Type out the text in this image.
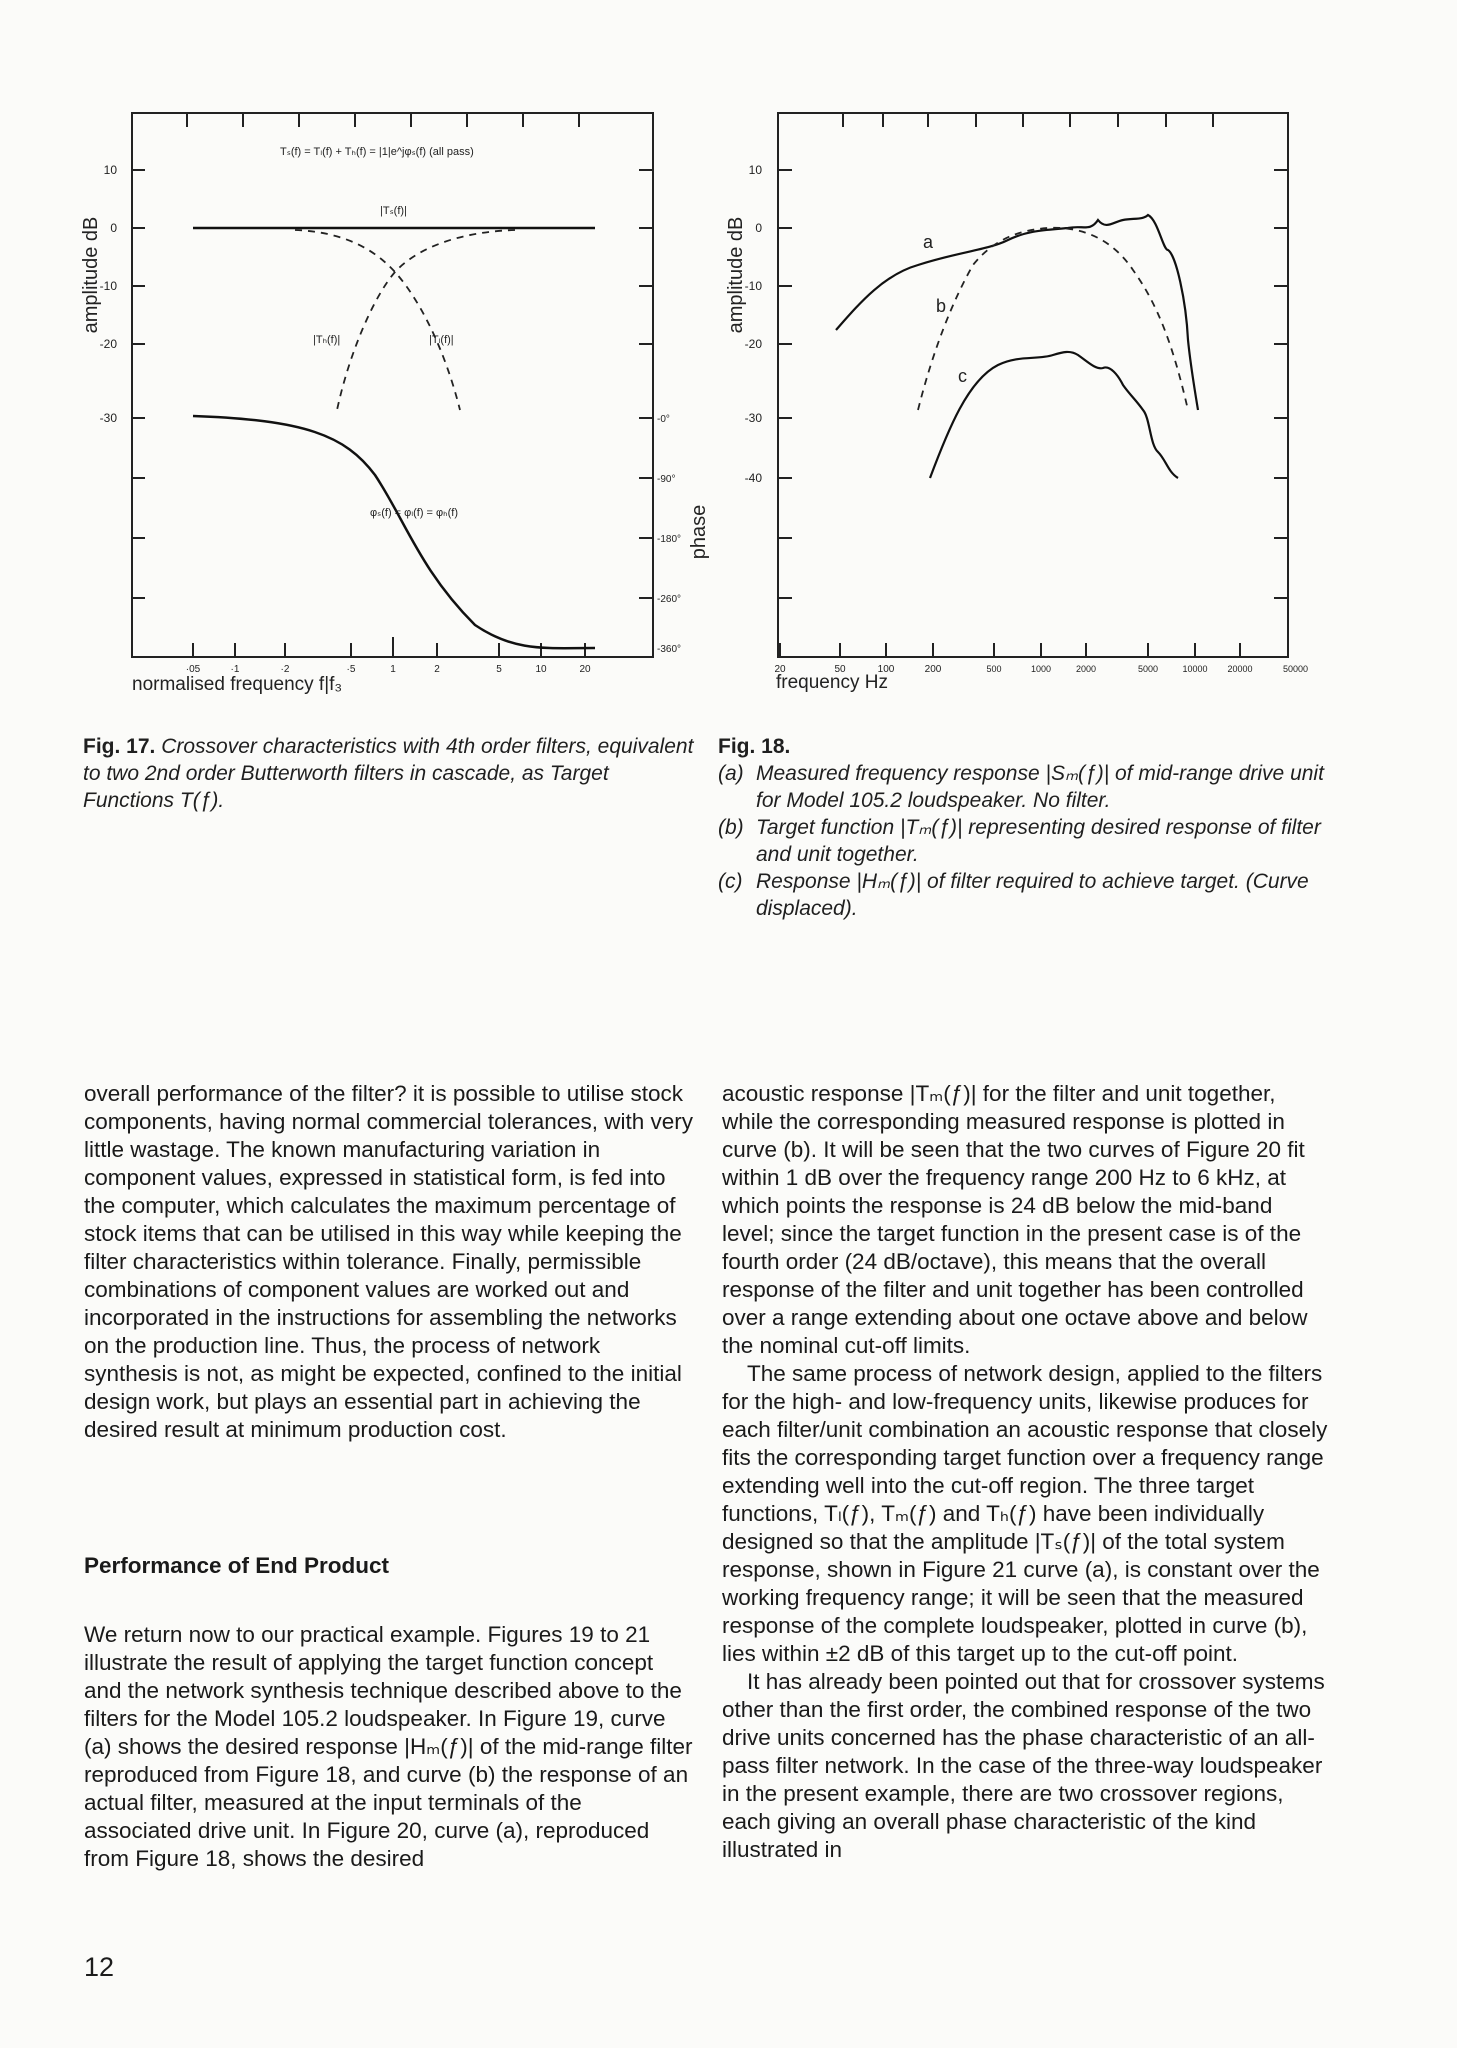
amplitude dB
phase
10
0
-10
-20
-30	-0°
-90°
-180°
-260°
-360°
·05	·1	·2	·5	1	2	5	10	20
normalised frequency f|f₃
Tₛ(f) = Tₗ(f) + Tₕ(f) = |1|e^jφₛ(f) (all pass)
|Tₛ(f)|
|Tₕ(f)|	|Tₗ(f)|
φₛ(f) = φₗ(f) = φₕ(f)
amplitude dB
10
0
-10
-20
-30
-40
20	50	100	200	500	1000	2000	5000	10000 20000	50000
frequency Hz
a
b
c

Fig. 17. Crossover characteristics with 4th order filters, equivalent to two 2nd order Butterworth filters in cascade, as Target Functions T(ƒ).

Fig. 18.

(a) Measured frequency response |Sₘ(ƒ)| of mid-range drive unit for Model 105.2 loudspeaker. No filter.
(b) Target function |Tₘ(ƒ)| representing desired response of filter and unit together.
(c) Response |Hₘ(ƒ)| of filter required to achieve target. (Curve displaced).

overall performance of the filter? it is possible to utilise stock components, having normal commercial tolerances, with very little wastage. The known manufacturing variation in component values, expressed in statistical form, is fed into the computer, which calculates the maximum percentage of stock items that can be utilised in this way while keeping the filter characteristics within tolerance. Finally, permissible combinations of component values are worked out and incorporated in the instructions for assembling the networks on the production line. Thus, the process of network synthesis is not, as might be expected, confined to the initial design work, but plays an essential part in achieving the desired result at minimum production cost.

Performance of End Product

We return now to our practical example. Figures 19 to 21 illustrate the result of applying the target function concept and the network synthesis technique described above to the filters for the Model 105.2 loudspeaker. In Figure 19, curve (a) shows the desired response |Hₘ(ƒ)| of the mid-range filter reproduced from Figure 18, and curve (b) the response of an actual filter, measured at the input terminals of the associated drive unit. In Figure 20, curve (a), reproduced from Figure 18, shows the desired

acoustic response |Tₘ(ƒ)| for the filter and unit together, while the corresponding measured response is plotted in curve (b). It will be seen that the two curves of Figure 20 fit within 1 dB over the frequency range 200 Hz to 6 kHz, at which points the response is 24 dB below the mid-band level; since the target function in the present case is of the fourth order (24 dB/octave), this means that the overall response of the filter and unit together has been controlled over a range extending about one octave above and below the nominal cut-off limits.

The same process of network design, applied to the filters for the high- and low-frequency units, likewise produces for each filter/unit combination an acoustic response that closely fits the corresponding target function over a frequency range extending well into the cut-off region. The three target functions, Tₗ(ƒ), Tₘ(ƒ) and Tₕ(ƒ) have been individually designed so that the amplitude |Tₛ(ƒ)| of the total system response, shown in Figure 21 curve (a), is constant over the working frequency range; it will be seen that the measured response of the complete loudspeaker, plotted in curve (b), lies within ±2 dB of this target up to the cut-off point.

It has already been pointed out that for crossover systems other than the first order, the combined response of the two drive units concerned has the phase characteristic of an all-pass filter network. In the case of the three-way loudspeaker in the present example, there are two crossover regions, each giving an overall phase characteristic of the kind illustrated in

12
